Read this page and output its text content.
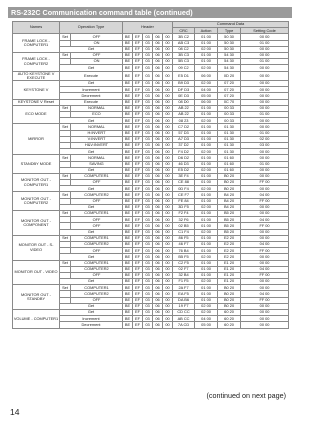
RS-232C Communication command table (continued)
Names	Operation Type		Header					Command Data			
								CRC	Action	Type	Setting Code
FRAME LOCK - COMPUTER1	Set	OFF	BE	EF	03	06	00	3B C2	01 00	50 30	00 00
		ON	BE	EF	03	06	00	AB C3	01 00	50 30	01 00
	Get		BE	EF	03	06	00	08 C2	02 00	50 30	00 00
FRAME LOCK - COMPUTER2	Set	OFF	BE	EF	03	06	00	3B C3	01 00	54 30	00 00
		ON	BE	EF	03	06	00	5B C3	01 00	54 30	01 00
	Get		BE	EF	03	06	00	09 C2	02 00	54 30	00 00
AUTO KEYSTONE V EXECUTE	Execute		BE	EF	03	06	00	E5 D1	06 00	0D 20	00 00
KEYSTONE V	Get		BE	EF	03	06	00	B9 D3	02 00	07 20	00 00
	Increment		BE	EF	03	06	00	DF D3	04 00	07 20	00 00
	Decrement		BE	EF	03	06	00	0E D3	05 00	07 20	00 00
KEYSTONE V Reset	Execute		BE	EF	03	06	00	08 D0	06 00	0C 70	00 00
ECO MODE	Set	NORMAL	BE	EF	03	06	00	AB 22	01 00	00 33	00 00
		ECO	BE	EF	03	06	00	AB 22	01 00	00 33	01 00
	Get		BE	EF	03	06	00	08 23	02 00	00 33	00 00
MIRROR	Set	NORMAL	BE	EF	03	06	00	C7 D2	01 00	01 30	00 00
		H:INVERT	BE	EF	03	06	00	57 D3	01 00	01 30	01 00
		V:INVERT	BE	EF	03	06	00	A7 D3	01 00	01 30	02 00
		H&V:INVERT	BE	EF	03	06	00	37 D2	01 00	01 30	03 00
	Get		BE	EF	03	06	00	F4 D2	02 00	01 30	00 00
STANDBY MODE	Set	NORMAL	BE	EF	03	06	00	D6 D2	01 00	01 60	00 00
		SAVING	BE	EF	03	06	00	46 D3	01 00	01 60	01 00
	Get		BE	EF	03	06	00	E5 D2	02 00	01 60	00 00
MONITOR OUT - COMPUTER1	Set	COMPUTER1	BE	EF	03	06	00	3E F4	01 00	B0 20	00 00
		OFF	BE	EF	03	06	00	CE 88	01 00	B0 20	FF 00
	Get		BE	EF	03	06	00	0D F4	02 00	B0 20	00 00
MONITOR OUT - COMPUTER2	Set	COMPUTER2	BE	EF	03	06	00	CE F7	01 00	B4 20	04 00
		OFF	BE	EF	03	06	00	FE 84	01 00	B4 20	FF 00
	Get		BE	EF	03	06	00	3D F5	02 00	B4 20	00 00
MONITOR OUT - COMPONENT	Set	COMPUTER1	BE	EF	03	06	00	F2 F4	01 00	B5 20	00 00
		OFF	BE	EF	03	06	00	32 F6	01 00	B5 20	04 00
		OFF	BE	EF	03	06	00	02 B5	01 00	B5 20	FF 00
	Get		BE	EF	03	06	00	C1 F4	02 00	B5 20	00 00
MONITOR OUT - S-VIDEO	Set	COMPUTER1	BE	EF	03	06	00	86 F5	01 00	E2 20	00 00
		COMPUTER2	BE	EF	03	06	00	46 F7	01 00	E2 20	04 00
		OFF	BE	EF	03	06	00	76 B4	01 00	E2 20	FF 00
	Get		BE	EF	03	06	00	B5 F5	02 00	E2 20	00 00
MONITOR OUT - VIDEO	Set	COMPUTER1	BE	EF	03	06	00	C2 F5	01 00	E1 20	00 00
		COMPUTER2	BE	EF	03	06	00	02 F7	01 00	E1 20	04 00
		OFF	BE	EF	03	06	00	32 B4	01 00	E1 20	FF 00
	Get		BE	EF	03	06	00	F1 F5	02 00	E1 20	00 00
MONITOR OUT - STANDBY	Set	COMPUTER1	BE	EF	03	06	00	2A F7	01 00	B0 20	00 00
		COMPUTER2	BE	EF	03	06	00	EA F5	01 00	B0 20	04 00
		OFF	BE	EF	03	06	00	DA B6	01 00	B0 20	FF 00
	Get		BE	EF	03	06	00	19 F7	02 00	B0 20	00 00
VOLUME - COMPUTER1	Get		BE	EF	03	06	00	CD CC	02 00	60 20	00 00
	Increment		BE	EF	03	06	00	AB CC	04 00	60 20	00 00
	Decrement		BE	EF	03	06	00	7A CD	05 00	60 20	00 00
(continued on next page)
14
